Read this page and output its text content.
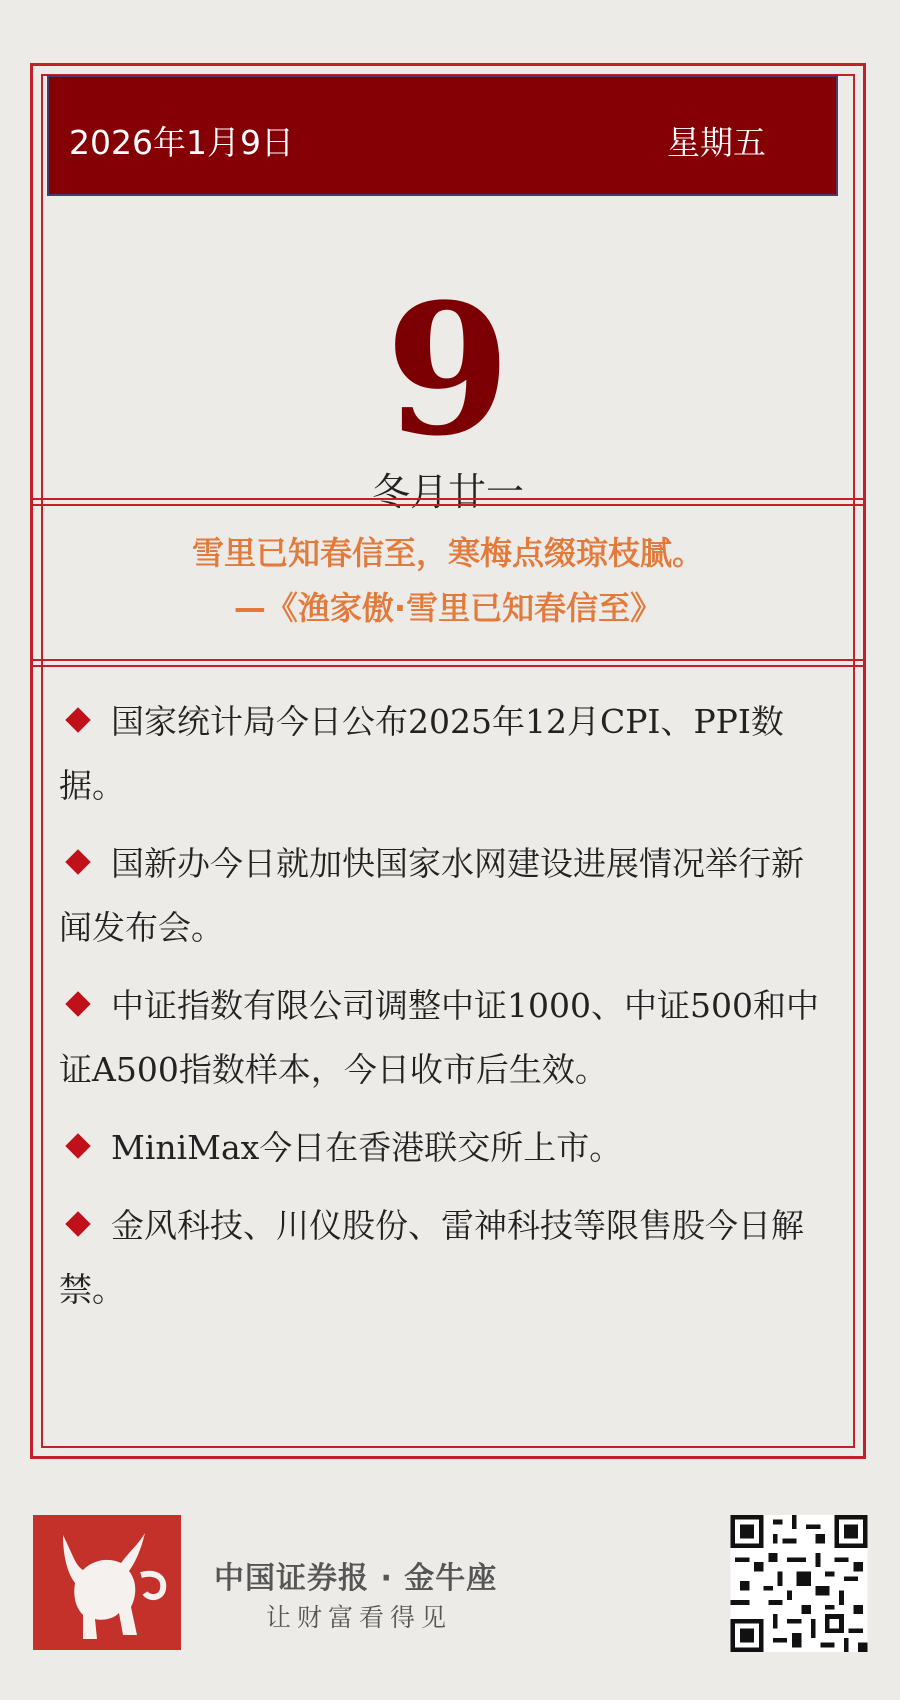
2026年1月9日	星期五
9
冬月廿一
雪里已知春信至，寒梅点缀琼枝腻。
—《渔家傲·雪里已知春信至》
国家统计局今日公布2025年12月CPI、PPI数据。
国新办今日就加快国家水网建设进展情况举行新闻发布会。
中证指数有限公司调整中证1000、中证500和中证A500指数样本，今日收市后生效。
MiniMax今日在香港联交所上市。
金风科技、川仪股份、雷神科技等限售股今日解禁。
中国证券报 · 金牛座
让财富看得见
